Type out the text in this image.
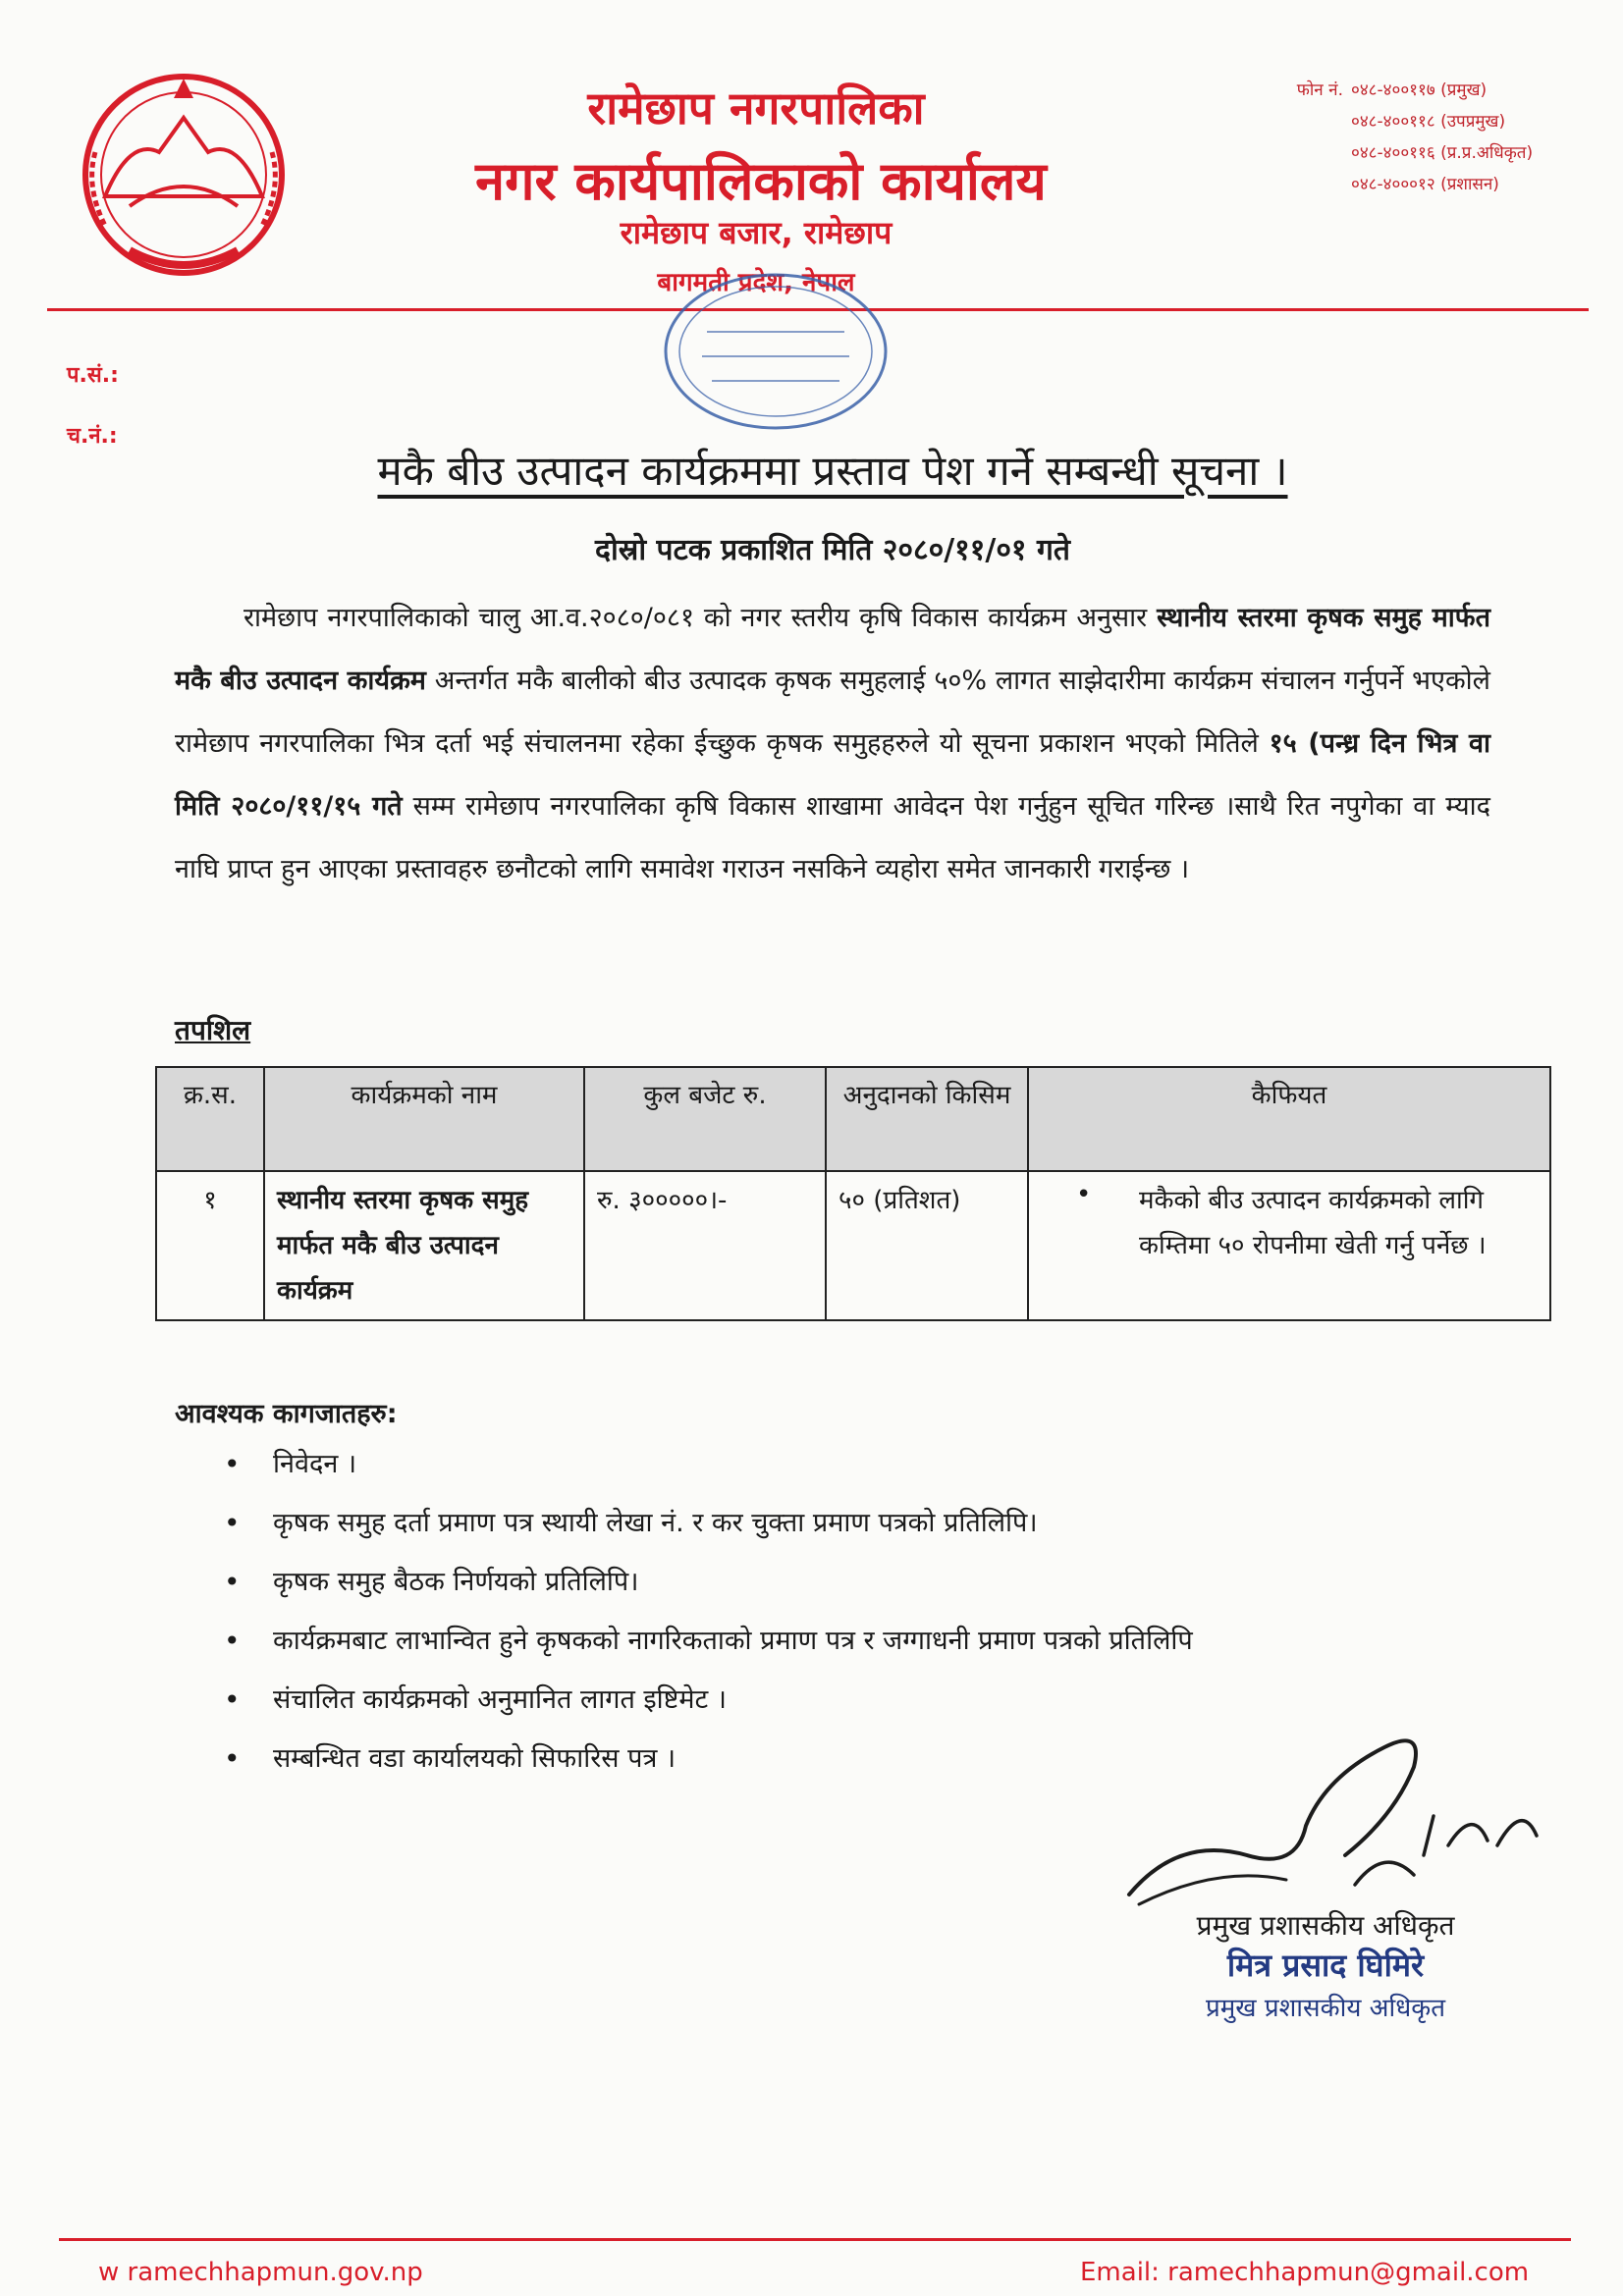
रामेछाप नगरपालिका
नगर कार्यपालिकाको कार्यालय
रामेछाप बजार, रामेछाप
बागमती प्रदेश, नेपाल
फोन नं. ०४८-४००११७ (प्रमुख)
०४८-४००११८ (उपप्रमुख)
०४८-४००११६ (प्र.प्र.अधिकृत)
०४८-४०००१२ (प्रशासन)
प.सं.:
च.नं.:
मकै बीउ उत्पादन कार्यक्रममा प्रस्ताव पेश गर्ने सम्बन्धी सूचना ।
दोस्रो पटक प्रकाशित मिति २०८०/११/०१ गते

रामेछाप नगरपालिकाको चालु आ.व.२०८०/०८१ को नगर स्तरीय कृषि विकास कार्यक्रम अनुसार स्थानीय स्तरमा कृषक समुह मार्फत मकै बीउ उत्पादन कार्यक्रम अन्तर्गत मकै बालीको बीउ उत्पादक कृषक समुहलाई ५०% लागत साझेदारीमा कार्यक्रम संचालन गर्नुपर्ने भएकोले रामेछाप नगरपालिका भित्र दर्ता भई संचालनमा रहेका ईच्छुक कृषक समुहहरुले यो सूचना प्रकाशन भएको मितिले १५ (पन्ध्र दिन भित्र वा मिति २०८०/११/१५ गते सम्म रामेछाप नगरपालिका कृषि विकास शाखामा आवेदन पेश गर्नुहुन सूचित गरिन्छ ।साथै रित नपुगेका वा म्याद नाघि प्राप्त हुन आएका प्रस्तावहरु छनौटको लागि समावेश गराउन नसकिने व्यहोरा समेत जानकारी गराईन्छ ।

तपशिल
क्र.स.	कार्यक्रमको नाम	कुल बजेट रु.	अनुदानको किसिम	कैफियत
१	स्थानीय स्तरमा कृषक समुह मार्फत मकै बीउ उत्पादन कार्यक्रम	रु. ३०००००।-	५० (प्रतिशत)	• मकैको बीउ उत्पादन कार्यक्रमको लागि कम्तिमा ५० रोपनीमा खेती गर्नु पर्नेछ ।
आवश्यक कागजातहरु:
• निवेदन ।
• कृषक समुह दर्ता प्रमाण पत्र स्थायी लेखा नं. र कर चुक्ता प्रमाण पत्रको प्रतिलिपि।
• कृषक समुह बैठक निर्णयको प्रतिलिपि।
• कार्यक्रमबाट लाभान्वित हुने कृषकको नागरिकताको प्रमाण पत्र र जग्गाधनी प्रमाण पत्रको प्रतिलिपि
• संचालित कार्यक्रमको अनुमानित लागत इष्टिमेट ।
• सम्बन्धित वडा कार्यालयको सिफारिस पत्र ।
प्रमुख प्रशासकीय अधिकृत
मित्र प्रसाद घिमिरे
प्रमुख प्रशासकीय अधिकृत
w ramechhapmun.gov.np	Email: ramechhapmun@gmail.com
